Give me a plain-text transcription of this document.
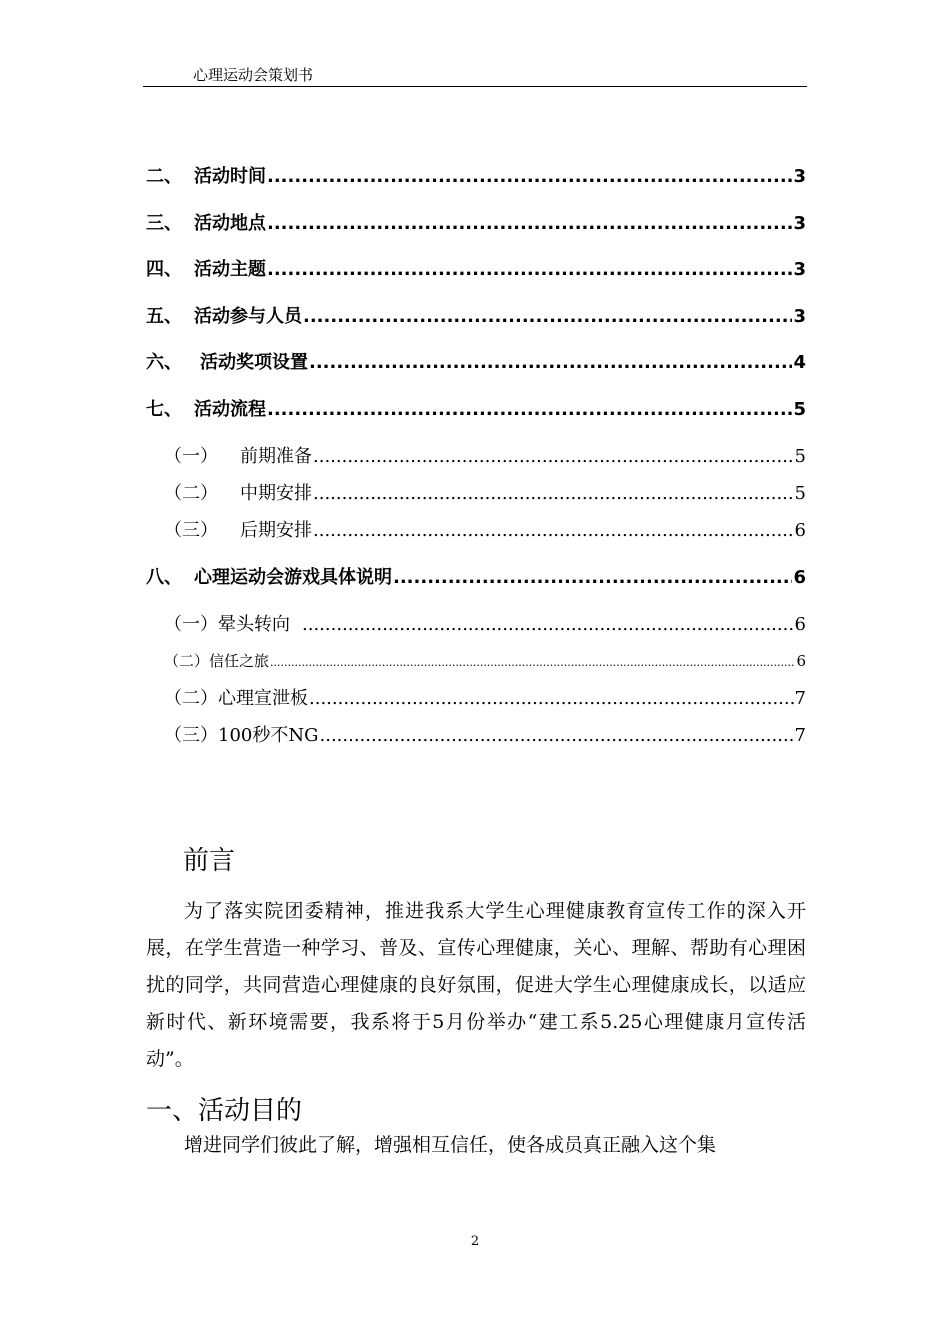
心理运动会策划书
二、 活动时间 .....	3
三、 活动地点 .....	3
四、 活动主题 .....	3
五、 活动参与人员 .....	3
六、 活动奖项设置 .....	4
七、 活动流程 .....	5
（一） 前期准备 .....	5
（二） 中期安排 .....	5
（三） 后期安排 .....	6
八、 心理运动会游戏具体说明 .....	6
（一） 晕头转向 .....	6
（二） 信任之旅 .....	6
（二） 心理宣泄板 .....	7
（三） 100秒不NG .....	7
前言
为了落实院团委精神，推进我系大学生心理健康教育宣传工作的深入开展，在学生营造一种学习、普及、宣传心理健康，关心、理解、帮助有心理困扰的同学，共同营造心理健康的良好氛围，促进大学生心理健康成长，以适应新时代、新环境需要，我系将于5月份举办“建工系5.25心理健康月宣传活动”。
一、活动目的
增进同学们彼此了解，增强相互信任，使各成员真正融入这个集
2
